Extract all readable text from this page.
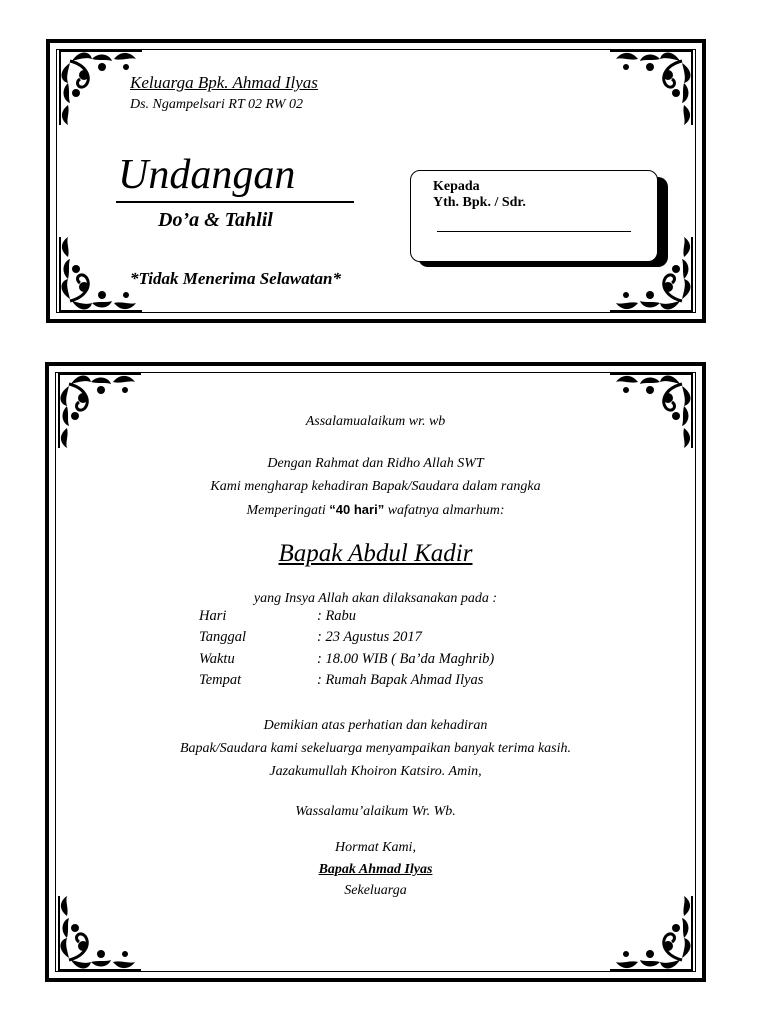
Keluarga Bpk. Ahmad Ilyas
Ds. Ngampelsari RT 02 RW 02
Undangan
Do’a & Tahlil
*Tidak Menerima Selawatan*
Kepada
Yth. Bpk. / Sdr.
Assalamualaikum wr. wb
Dengan Rahmat dan Ridho Allah SWT
Kami mengharap kehadiran Bapak/Saudara dalam rangka
Memperingati “40 hari” wafatnya almarhum:
Bapak Abdul Kadir
yang Insya Allah akan dilaksanakan pada :
Hari	: Rabu
Tanggal	: 23 Agustus 2017
Waktu	: 18.00 WIB ( Ba’da Maghrib)
Tempat	: Rumah Bapak Ahmad Ilyas
Demikian atas perhatian dan kehadiran
Bapak/Saudara kami sekeluarga menyampaikan banyak terima kasih.
Jazakumullah Khoiron Katsiro. Amin,
Wassalamu’alaikum Wr. Wb.
Hormat Kami,
Bapak Ahmad Ilyas
Sekeluarga
